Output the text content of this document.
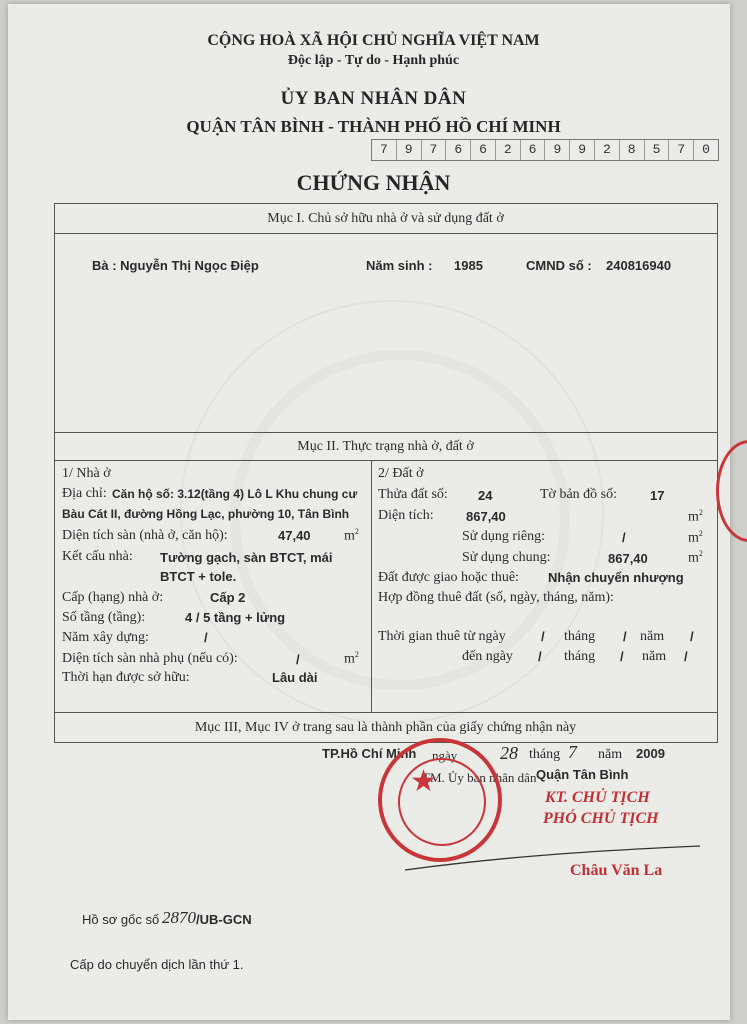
CỘNG HOÀ XÃ HỘI CHỦ NGHĨA VIỆT NAM
Độc lập - Tự do - Hạnh phúc
ỦY BAN NHÂN DÂN
QUẬN TÂN BÌNH - THÀNH PHỐ HỒ CHÍ MINH
7	9	7	6	6	2	6	9	9	2	8	5	7	0
CHỨNG NHẬN
Mục I. Chủ sở hữu nhà ở và sử dụng đất ở
Bà : Nguyễn Thị Ngọc Điệp	Năm sinh : 1985	CMND số : 240816940
Mục II. Thực trạng nhà ở, đất ở
1/ Nhà ở
Địa chỉ: Căn hộ số: 3.12(tầng 4) Lô L Khu chung cư
Bàu Cát II, đường Hồng Lạc, phường 10, Tân Bình
Diện tích sàn (nhà ở, căn hộ):	47,40 $m^2$
Kết cấu nhà: Tường gạch, sàn BTCT, mái
BTCT + tole.
Cấp (hạng) nhà ở:	Cấp 2
Số tầng (tầng):	4 / 5 tầng + lửng
Năm xây dựng:	/
Diện tích sàn nhà phụ (nếu có):	/	$m^2$
Thời hạn được sở hữu:	Lâu dài
2/ Đất ở
Thửa đất số: 24	Tờ bản đồ số:	17
Diện tích: 867,40	$m^2$
Sử dụng riêng:	/	$m^2$
Sử dụng chung:	867,40	$m^2$
Đất được giao hoặc thuê: Nhận chuyển nhượng
Hợp đồng thuê đất (số, ngày, tháng, năm):
Thời gian thuê từ ngày	/ tháng / năm /
đến ngày / tháng / năm /
Mục III, Mục IV ở trang sau là thành phần của giấy chứng nhận này
TP.Hồ Chí Minh ngày 28 tháng 7 năm 2009
TM. Ủy ban nhân dân Quận Tân Bình
KT. CHỦ TỊCH
PHÓ CHỦ TỊCH
Châu Văn La
★
Hồ sơ gốc số 2870 /UB-GCN
Cấp do chuyển dịch lần thứ 1.
